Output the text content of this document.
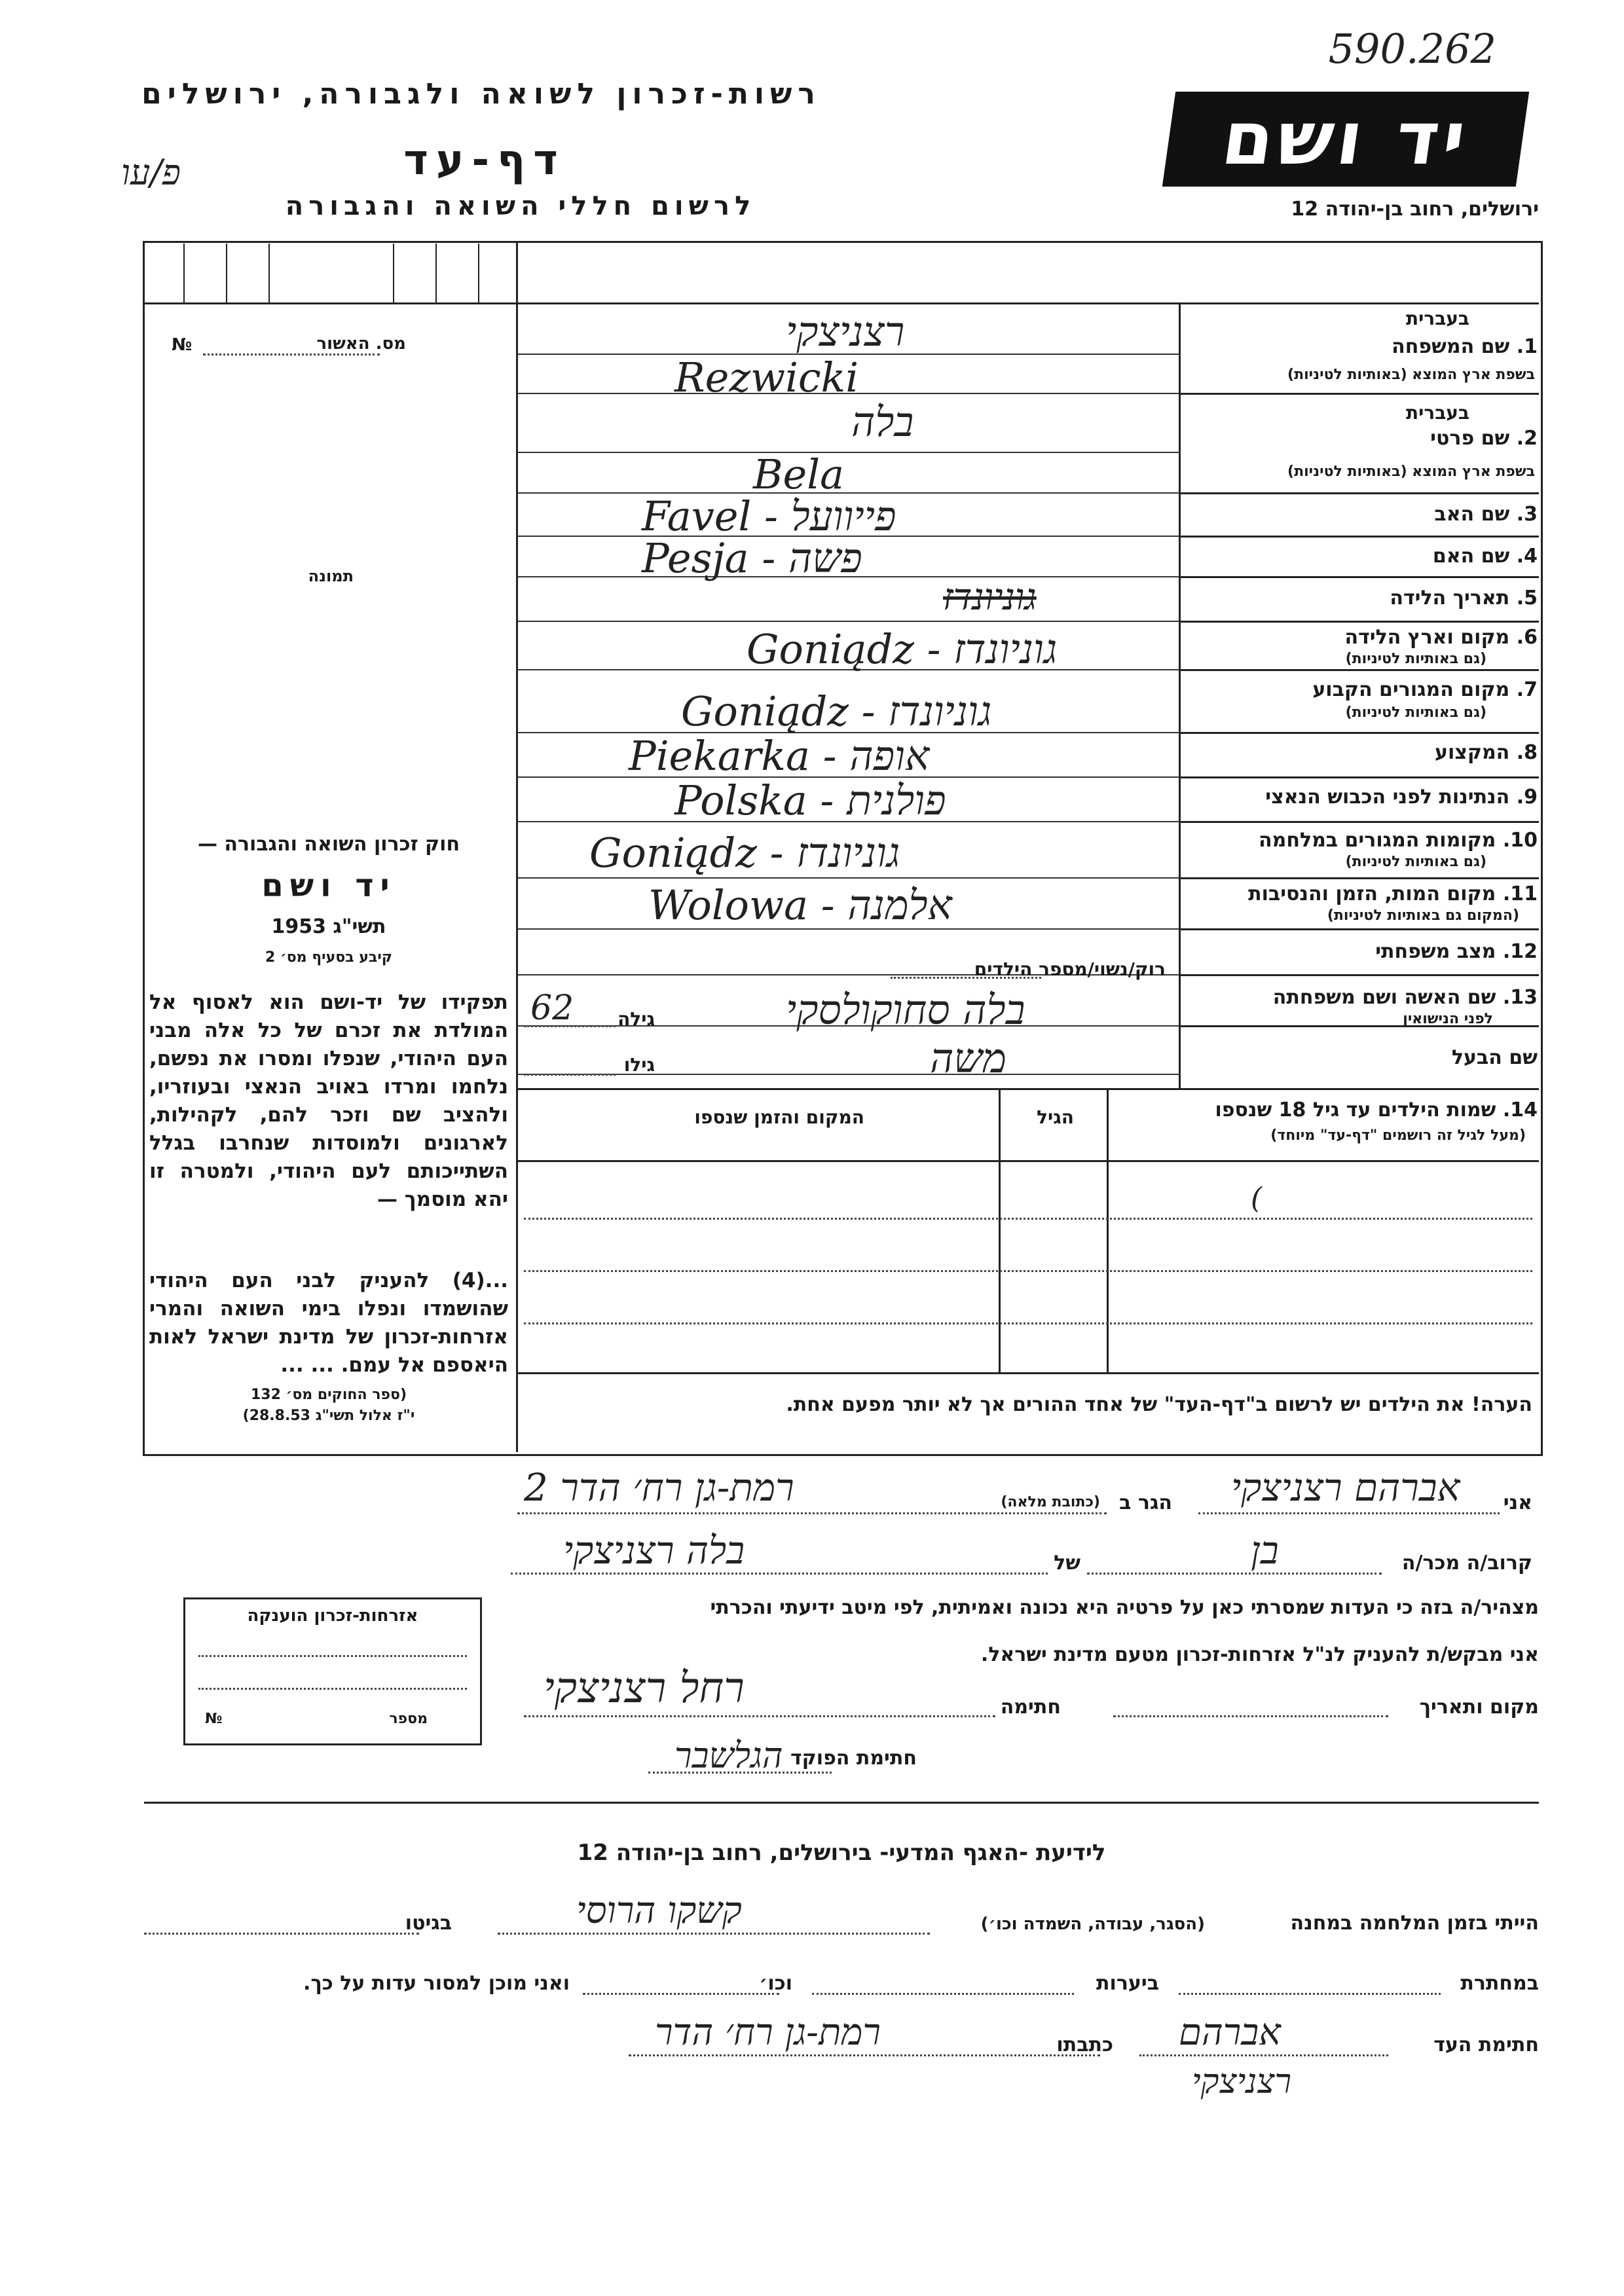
590.262
רשות-זכרון לשואה ולגבורה, ירושלים
פ/עו	דף-עד
לרשום חללי השואה והגבורה
יד ושם
ירושלים, רחוב בן-יהודה 12
מס. האשור
№
תמונה
חוק זכרון השואה והגבורה —
יד ושם
תשי"ג 1953
קיבע בסעיף מס׳ 2
תפקידו של יד-ושם הוא לאסוף אל המולדת את זכרם של כל אלה מבני העם היהודי, שנפלו ומסרו את נפשם, נלחמו ומרדו באויב הנאצי ובעוזריו, ולהציב שם וזכר להם, לקהילות, לארגונים ולמוסדות שנחרבו בגלל השתייכותם לעם היהודי, ולמטרה זו יהא מוסמך —
...(4) להעניק לבני העם היהודי שהושמדו ונפלו בימי השואה והמרי אזרחות-זכרון של מדינת ישראל לאות היאספם אל עמם. ... ...
(ספר החוקים מס׳ 132
י"ז אלול תשי"ג 28.8.53)
אזרחות-זכרון הוענקה
№	מספר
בעברית
1. שם המשפחה
בשפת ארץ המוצא (באותיות לטיניות)
רצניצקי
Rezwicki
בעברית
2. שם פרטי
בשפת ארץ המוצא (באותיות לטיניות)
בלה
Bela
3. שם האב
Favel - פייוועל
4. שם האם
Pesja - פשה
5. תאריך הלידה
גוניונדז
6. מקום וארץ הלידה
(גם באותיות לטיניות)
Goniądz - גוניונדז
7. מקום המגורים הקבוע
(גם באותיות לטיניות)
Goniądz - גוניונדז
8. המקצוע
Piekarka - אופה
9. הנתינות לפני הכבוש הנאצי
Polska - פולנית
10. מקומות המגורים במלחמה
(גם באותיות לטיניות)
Goniądz - גוניונדז
11. מקום המות, הזמן והנסיבות
(המקום גם באותיות לטיניות)
Wolowa - אלמנה
12. מצב משפחתי
רוק/נשוי/מספר הילדים
13. שם האשה ושם משפחתה
לפני הנישואין
בלה סחוקולסקי
גילה
62
שם הבעל
משה
גילו
14. שמות הילדים עד גיל 18 שנספו
(מעל לגיל זה רושמים "דף-עד" מיוחד)
הגיל
המקום והזמן שנספו
(
הערה! את הילדים יש לרשום ב"דף-העד" של אחד ההורים אך לא יותר מפעם אחת.
אני
אברהם רצניצקי
הגר ב
(כתובת מלאה)
רמת-גן רח׳ הדר 2
קרוב/ה מכר/ה
בן
של
בלה רצניצקי
מצהיר/ה בזה כי העדות שמסרתי כאן על פרטיה היא נכונה ואמיתית, לפי מיטב ידיעתי והכרתי
אני מבקש/ת להעניק לנ"ל אזרחות-זכרון מטעם מדינת ישראל.
מקום ותאריך
חתימה
רחל רצניצקי
חתימת הפוקד
הגלשבר
לידיעת -האגף המדעי- בירושלים, רחוב בן-יהודה 12
הייתי בזמן המלחמה במחנה
(הסגר, עבודה, השמדה וכו׳)
קשקו הרוסי
בגיטו
במחתרת
ביערות
וכו׳
ואני מוכן למסור עדות על כך.
חתימת העד
אברהם
כתבתו
רמת-גן רח׳ הדר
רצניצקי
